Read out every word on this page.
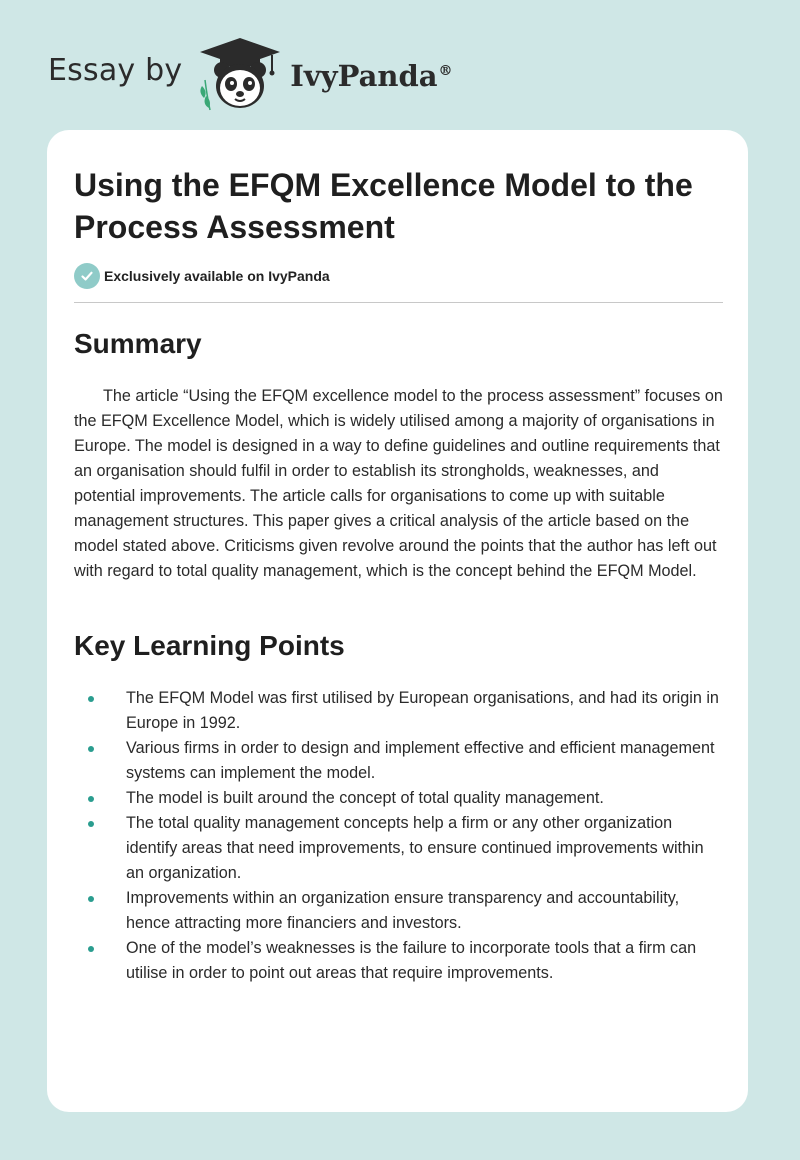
Essay by	IvyPanda®
Using the EFQM Excellence Model to the Process Assessment
Exclusively available on IvyPanda
Summary

The article “Using the EFQM excellence model to the process assessment” focuses on the EFQM Excellence Model, which is widely utilised among a majority of organisations in Europe. The model is designed in a way to define guidelines and outline requirements that an organisation should fulfil in order to establish its strongholds, weaknesses, and potential improvements. The article calls for organisations to come up with suitable management structures. This paper gives a critical analysis of the article based on the model stated above. Criticisms given revolve around the points that the author has left out with regard to total quality management, which is the concept behind the EFQM Model.

Key Learning Points
The EFQM Model was first utilised by European organisations, and had its origin in Europe in 1992.
Various firms in order to design and implement effective and efficient management systems can implement the model.
The model is built around the concept of total quality management.
The total quality management concepts help a firm or any other organization identify areas that need improvements, to ensure continued improvements within an organization.
Improvements within an organization ensure transparency and accountability, hence attracting more financiers and investors.
One of the model’s weaknesses is the failure to incorporate tools that a firm can utilise in order to point out areas that require improvements.
